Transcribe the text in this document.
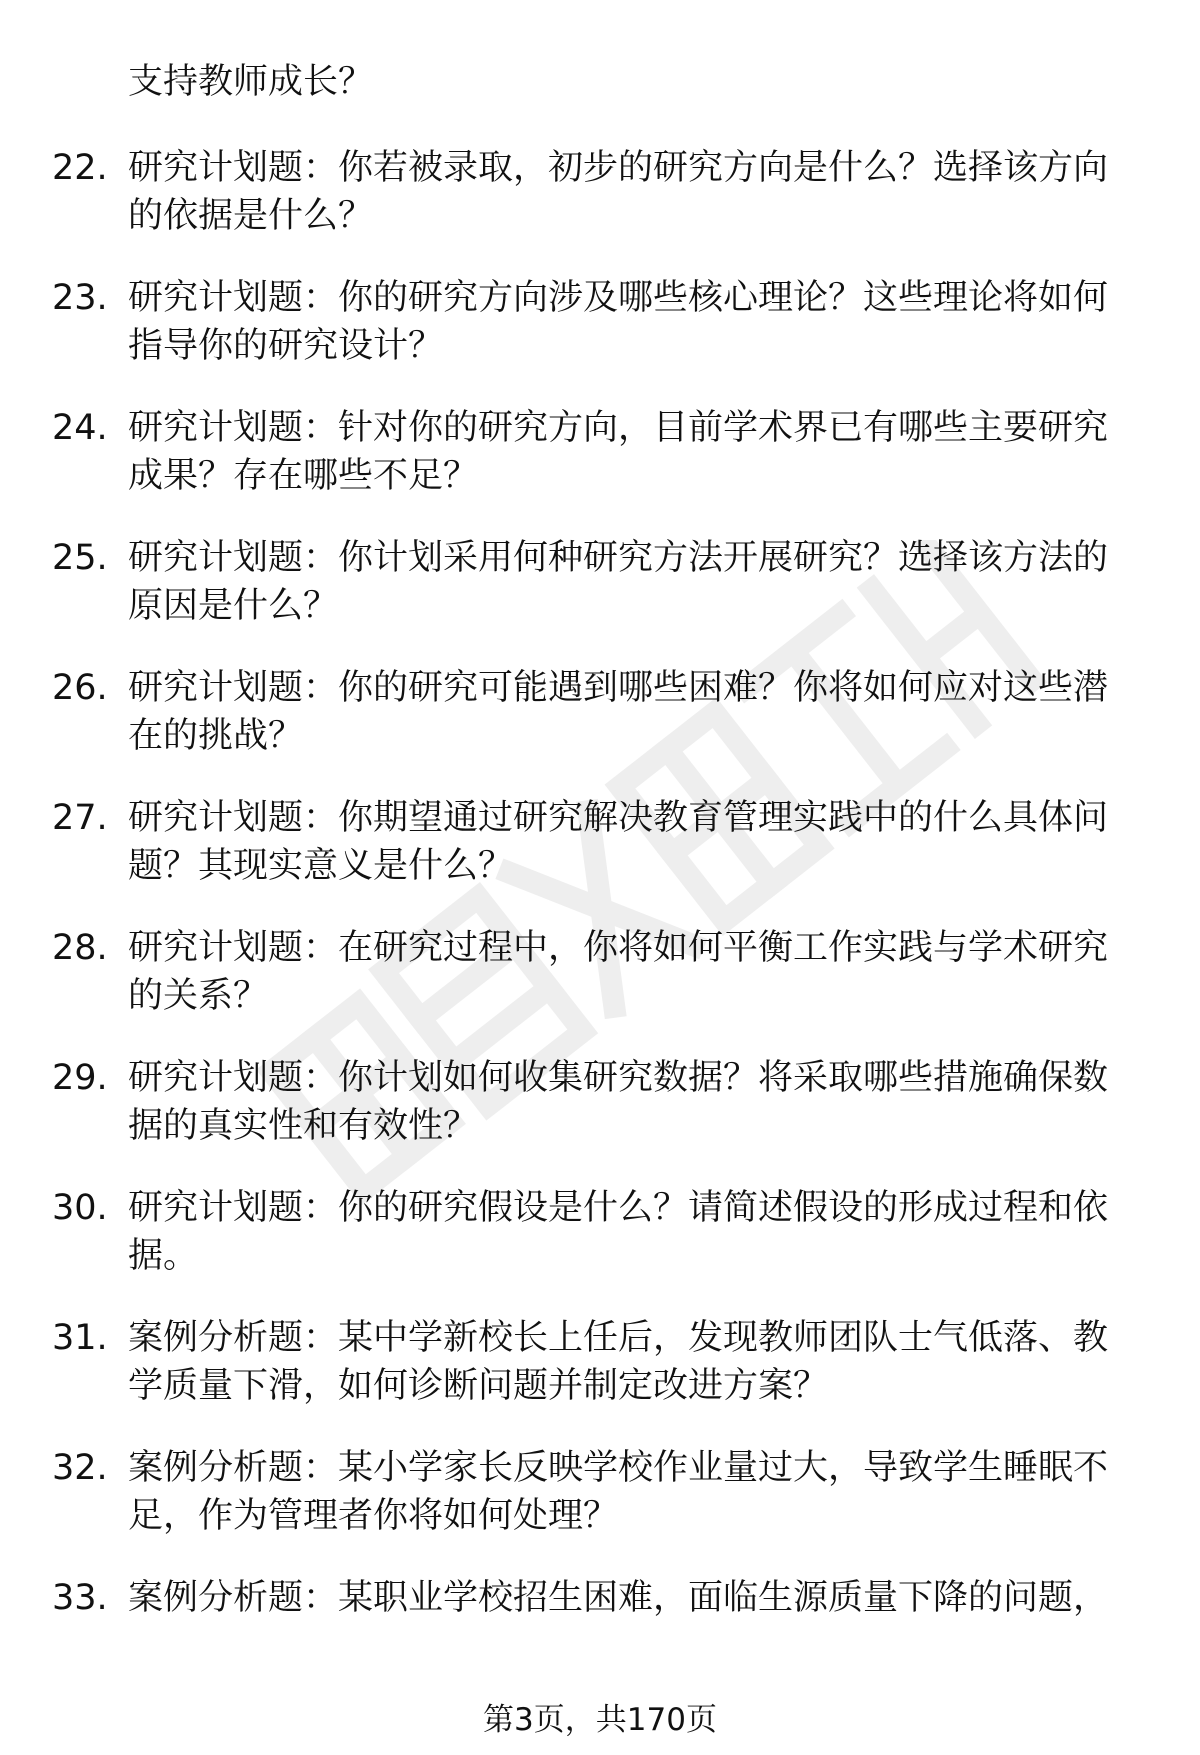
支持教师成长？
22. 研究计划题：你若被录取，初步的研究方向是什么？选择该方向
的依据是什么？
23. 研究计划题：你的研究方向涉及哪些核心理论？这些理论将如何
指导你的研究设计？
24. 研究计划题：针对你的研究方向，目前学术界已有哪些主要研究
成果？存在哪些不足？
25. 研究计划题：你计划采用何种研究方法开展研究？选择该方法的
原因是什么？
26. 研究计划题：你的研究可能遇到哪些困难？你将如何应对这些潜
在的挑战？
27. 研究计划题：你期望通过研究解决教育管理实践中的什么具体问
题？其现实意义是什么？
28. 研究计划题：在研究过程中，你将如何平衡工作实践与学术研究
的关系？
29. 研究计划题：你计划如何收集研究数据？将采取哪些措施确保数
据的真实性和有效性？
30. 研究计划题：你的研究假设是什么？请简述假设的形成过程和依
据。
31. 案例分析题：某中学新校长上任后，发现教师团队士气低落、教
学质量下滑，如何诊断问题并制定改进方案？
32. 案例分析题：某小学家长反映学校作业量过大，导致学生睡眠不
足，作为管理者你将如何处理？
33. 案例分析题：某职业学校招生困难，面临生源质量下降的问题，
第3页，共170页
